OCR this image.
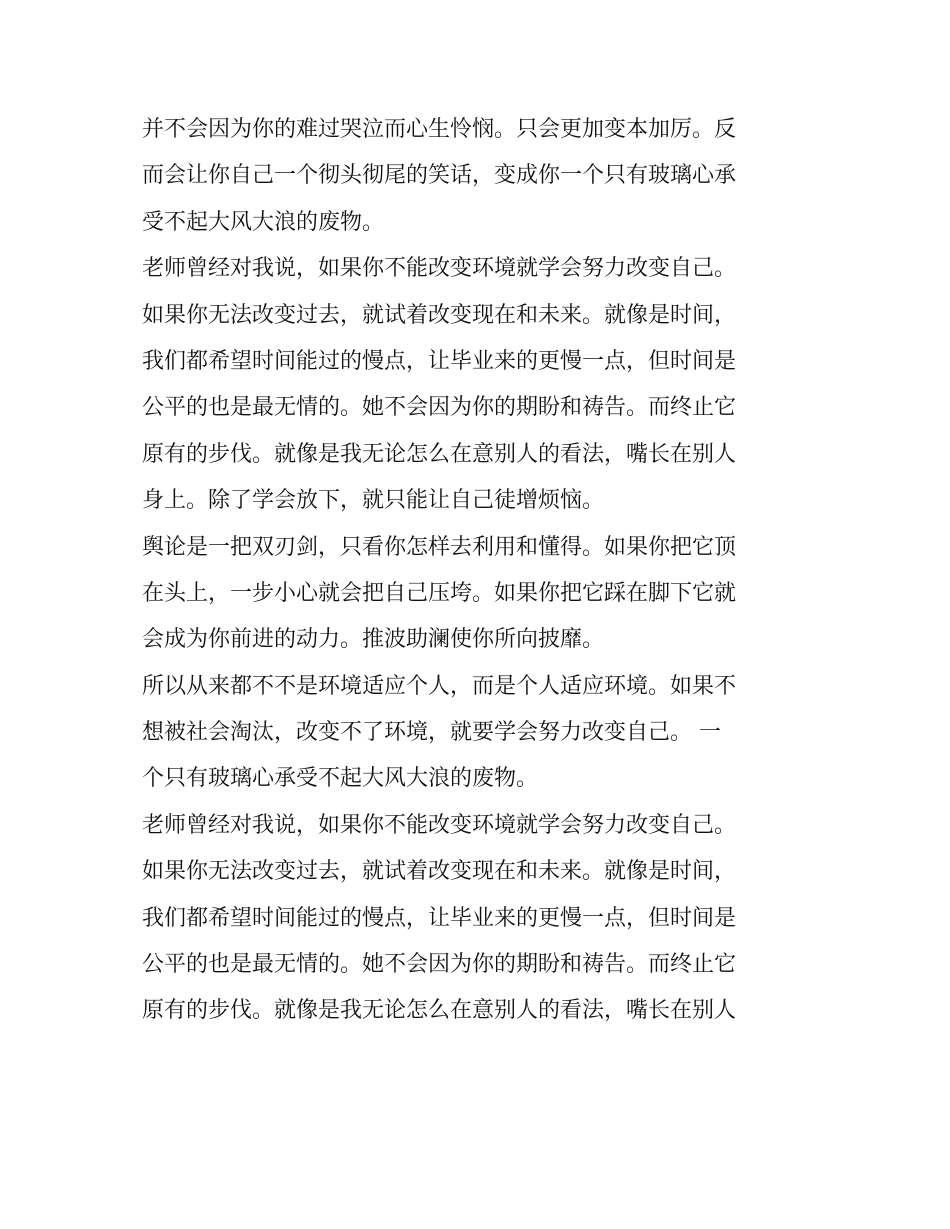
并不会因为你的难过哭泣而心生怜悯。只会更加变本加厉。反
而会让你自己一个彻头彻尾的笑话，变成你一个只有玻璃心承
受不起大风大浪的废物。
老师曾经对我说，如果你不能改变环境就学会努力改变自己。
如果你无法改变过去，就试着改变现在和未来。就像是时间，
我们都希望时间能过的慢点，让毕业来的更慢一点，但时间是
公平的也是最无情的。她不会因为你的期盼和祷告。而终止它
原有的步伐。就像是我无论怎么在意别人的看法，嘴长在别人
身上。除了学会放下，就只能让自己徒增烦恼。
舆论是一把双刃剑，只看你怎样去利用和懂得。如果你把它顶
在头上，一步小心就会把自己压垮。如果你把它踩在脚下它就
会成为你前进的动力。推波助澜使你所向披靡。
所以从来都不不是环境适应个人，而是个人适应环境。如果不
想被社会淘汰，改变不了环境，就要学会努力改变自己。 一
个只有玻璃心承受不起大风大浪的废物。
老师曾经对我说，如果你不能改变环境就学会努力改变自己。
如果你无法改变过去，就试着改变现在和未来。就像是时间，
我们都希望时间能过的慢点，让毕业来的更慢一点，但时间是
公平的也是最无情的。她不会因为你的期盼和祷告。而终止它
原有的步伐。就像是我无论怎么在意别人的看法，嘴长在别人
